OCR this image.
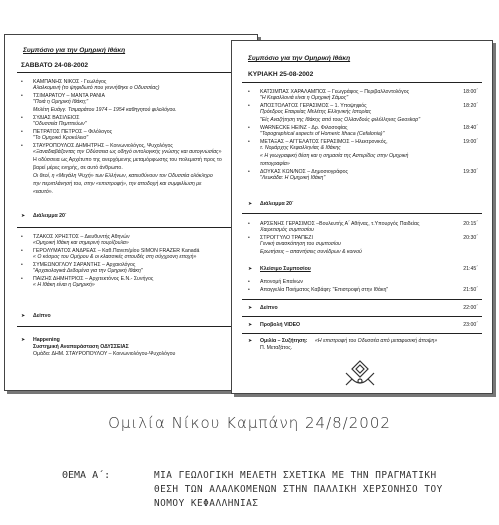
Συμπόσιο για την Ομηρική Ιθάκη
ΣΑΒΒΑΤΟ 24-08-2002
• ΚΑΜΠΑΝΗΣ ΝΙΚΟΣ - Γεωλόγος
Αλαλκομενή (το ψηφιδωτό που γεννήθηκε ο Οδυσσέας)
• ΤΣΙΜΑΡΑΤΟΥ – ΜΑΝΤΑ ΡΑΝΙΑ
"Ποιά η Ομηρική Ιθάκη;"
Μελέτη Ευάγγ. Τσιμαράτου 1974 – 1954 καθηγητού φιλολόγου.
• ΣΥΔΙΑΣ ΒΑΣΙΛΕΙΟΣ
"Οδυσσεία Πεμπτεύων"
• ΠΕΤΡΑΤΟΣ ΠΕΤΡΟΣ – Φιλόλογος
"Το Ομηρικό Κροκύλειο"
• ΣΤΑΥΡΟΠΟΥΛΟΣ ΔΗΜΗΤΡΗΣ – Κοινωνιολόγος, Ψυχολόγος
«Ξαναδιαβάζοντας την Οδύσσεια ως οδηγό οντολογικής γνώσης και αυτογνωσίας»
Η οδύσσεια ως Αρχέτυπο της ανερχόμενης μεταμόρφωσης του πολεμιστή προς το
βαρεί μέρες ενηρής, σε αυτό άνθρωπο.
Οι θεοί, η «Μεγάλη Ψυχή» των Ελλήνων, κατευθύνουν τον Οδυσσέα ολόκληρο
την περιπλάνησή του, στην «επιστροφή», την αποδοχή και συμφιλίωση με
«εαυτό».
➤ Διάλειμμα 20΄
• ΤΖΑΚΟΣ ΧΡΗΣΤΟΣ – Διευθυντής Αθηνών
«Ομηρική Ιθάκη και σημερινή τουρίζουλα»
• ΓΕΡΟΛΥΜΑΤΟΣ ΑΝΔΡΕΑΣ – Καθ.Πανεπ/μίου SIMON FRAZER Kanadá
« Ο κόσμος του Ομήρου & οι κλασσικές σπουδές στη σύγχρονη εποχή»
• ΣΥΜΕΩΝΟΓΛΟΥ ΣΑΡΑΝΤΗΣ – Αρχαιολόγος
"Αρχαιολογικά Δεδομένα για την Ομηρική Ιθάκη"
• ΠΑΙΖΗΣ ΔΗΜΗΤΡΙΟΣ – Αρχιτεκτόνος Ε.Ν.- Συνήγος
« Η Ιθάκη είναι η Ομηρική»
➤ Δείπνο
➤ Happening
Συστημική Αναπαράσταση ΟΔΥΣΣΕΙΑΣ
Ομάδα: ΔΗΜ. ΣΤΑΥΡΟΠΟΥΛΟΥ – Κοινωνιολόγου-Ψυχολόγου
Συμπόσιο για την Ομηρική Ιθάκη
ΚΥΡΙΑΚΗ 25-08-2002
• ΚΑΤΣΙΜΠΑΣ ΧΑΡΑΛΑΜΠΟΣ – Γεωγράφος – Περιβαλλοντολόγος	18:00΄
"Η Κεφαλλονιά είναι η Ομηρική Σάμος"
• ΑΠΟΣΤΟΛΑΤΟΣ ΓΕΡΑΣΙΜΟΣ – 1. Υποψηφιός	18:20΄
Πρόεδρος Εταιρείας Μελέτης Ελληνικής Ιστορίας
"Είς Αναζήτηση της Ιθάκης από τους Ολλανδούς φιλέλληνες Geoskop"
• WARNECKE HEINZ - Δρ. Φιλοσοφίας	18:40΄
"Topographical aspects of Homeric Ithaca (Cefalonia)"
• ΜΕΤΑΞΑΣ – ΑΓΓΕΛΑΤΟΣ ΓΕΡΑΣΙΜΟΣ – Ηλεκτρονικός,	19:00΄
τ. Νομάρχης Κεφαλληνίας & Ιθάκης
« Η γεωγραφική θέση και η σημασία της Αστερίδος στην Ομηρική
τοπογραφία»
• ΔΟΥΚΑΣ ΚΩΝ/ΝΟΣ – Δημοσιογράφος	19:30΄
"Λευκάδα: Η Ομηρική Ιθάκη"
➤ Διάλειμμα 20΄
• ΑΡΣΕΝΗΣ ΓΕΡΑΣΙΜΟΣ –Βουλευτής Α΄ Αθήνας, τ.Υπουργός Παιδείας	20:15΄
Χαιρετισμός συμποσίου
• ΣΤΡΟΓΓΥΛΟ ΤΡΑΠΕΖΙ	20:30΄
Γενική ανασκόπηση του συμποσίου
Ερωτήσεις – απαντήσεις συνέδρων & κοινού
➤ Κλείσιμο Συμποσίου	21:45΄
• Απονομή Επαίνων
• Απαγγελία Ποιήματος Καβάφη: "Επιστροφή στην Ιθάκη"	21:50΄
➤ Δείπνο	22:00΄
➤ Προβολή VIDEO	23:00΄
➤ Ομιλία – Συζήτηση: «Η επιστροφή του Οδυσσέα από μεταφυσική άποψη»
Π. Μεταξάτος.
Ομιλία Νίκου Καμπάνη 24/8/2002
ΘΕΜΑ Α΄:	ΜΙΑ ΓΕΩΛΟΓΙΚΗ ΜΕΛΕΤΗ ΣΧΕΤΙΚΑ ΜΕ ΤΗΝ ΠΡΑΓΜΑΤΙΚΗ
ΘΕΣΗ ΤΩΝ ΑΛΑΛΚΟΜΕΝΩΝ ΣΤΗΝ ΠΑΛΛΙΚΗ ΧΕΡΣΟΝΗΣΟ ΤΟΥ
ΝΟΜΟΥ ΚΕΦΑΛΛΗΝΙΑΣ
